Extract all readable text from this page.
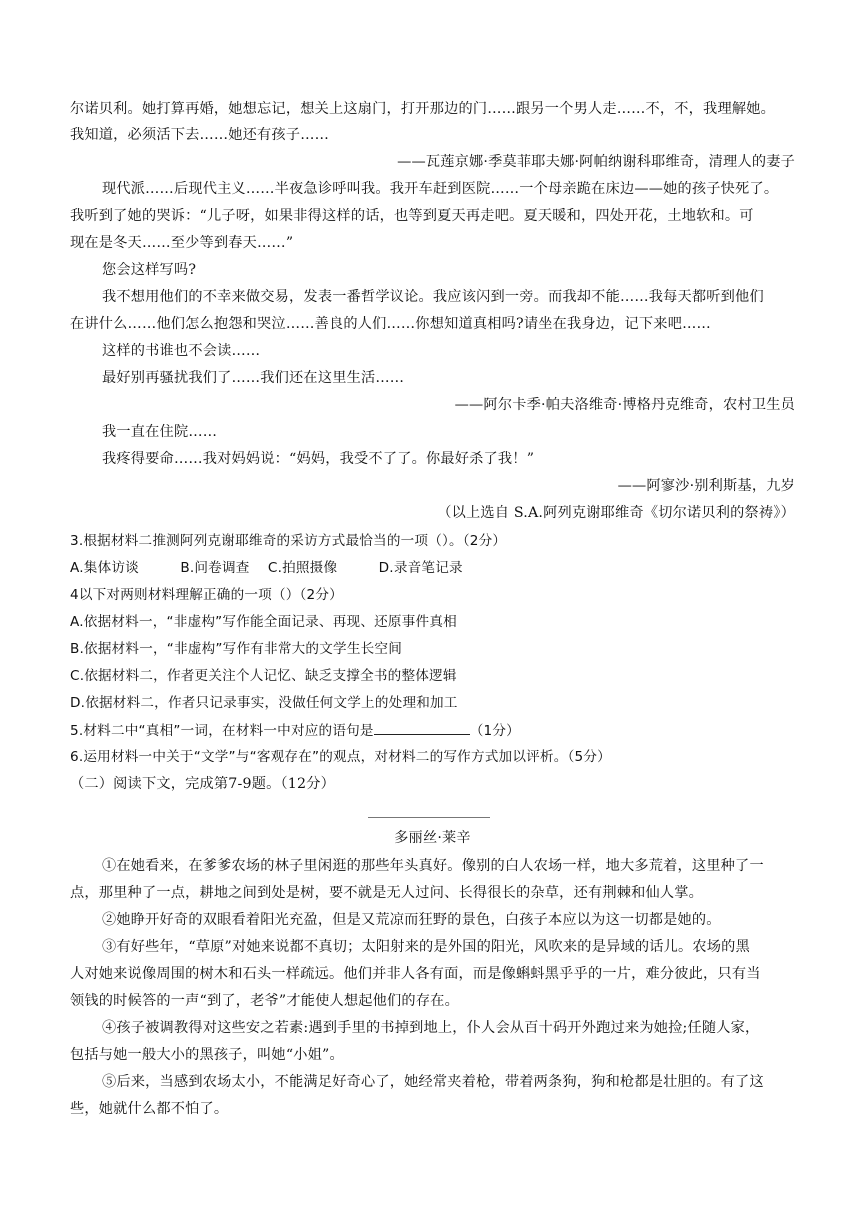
尔诺贝利。她打算再婚，她想忘记，想关上这扇门，打开那边的门……跟另一个男人走……不，不，我理解她。
我知道，必须活下去……她还有孩子……
——瓦莲京娜·季莫菲耶夫娜·阿帕纳谢科耶维奇，清理人的妻子
现代派……后现代主义……半夜急诊呼叫我。我开车赶到医院……一个母亲跪在床边——她的孩子快死了。
我听到了她的哭诉：“儿子呀，如果非得这样的话，也等到夏天再走吧。夏天暖和，四处开花，土地软和。可
现在是冬天……至少等到春天……”
您会这样写吗?
我不想用他们的不幸来做交易，发表一番哲学议论。我应该闪到一旁。而我却不能……我每天都听到他们
在讲什么……他们怎么抱怨和哭泣……善良的人们……你想知道真相吗?请坐在我身边，记下来吧……
这样的书谁也不会读……
最好别再骚扰我们了……我们还在这里生活……
——阿尔卡季·帕夫洛维奇·博格丹克维奇，农村卫生员
我一直在住院……
我疼得要命……我对妈妈说：“妈妈，我受不了了。你最好杀了我！”
——阿寥沙·别利斯基，九岁
（以上选自 S.A.阿列克谢耶维奇《切尔诺贝利的祭祷》）
3.根据材料二推测阿列克谢耶维奇的采访方式最恰当的一项（）。（2分）
A.集体访谈　　　B.问卷调查　 C.拍照摄像　　　D.录音笔记录
4以下对两则材料理解正确的一项（）（2分）
A.依据材料一，“非虚构”写作能全面记录、再现、还原事件真相
B.依据材料一，“非虚构”写作有非常大的文学生长空间
C.依据材料二，作者更关注个人记忆、缺乏支撑全书的整体逻辑
D.依据材料二，作者只记录事实，没做任何文学上的处理和加工
5.材料二中“真相”一词，在材料一中对应的语句是	（1分）
6.运用材料一中关于“文学”与“客观存在”的观点，对材料二的写作方式加以评析。（5分）
（二）阅读下文，完成第7-9题。（12分）
多丽丝·莱辛
①在她看来，在爹爹农场的林子里闲逛的那些年头真好。像别的白人农场一样，地大多荒着，这里种了一
点，那里种了一点，耕地之间到处是树，要不就是无人过问、长得很长的杂草，还有荆棘和仙人掌。
②她睁开好奇的双眼看着阳光充盈，但是又荒凉而狂野的景色，白孩子本应以为这一切都是她的。
③有好些年，“草原”对她来说都不真切；太阳射来的是外国的阳光，风吹来的是异域的话儿。农场的黑
人对她来说像周围的树木和石头一样疏远。他们并非人各有面，而是像蝌蚪黑乎乎的一片，难分彼此，只有当
领钱的时候答的一声“到了，老爷”才能使人想起他们的存在。
④孩子被调教得对这些安之若素:遇到手里的书掉到地上，仆人会从百十码开外跑过来为她捡;任随人家，
包括与她一般大小的黑孩子，叫她“小姐”。
⑤后来，当感到农场太小，不能满足好奇心了，她经常夹着枪，带着两条狗，狗和枪都是壮胆的。有了这
些，她就什么都不怕了。
